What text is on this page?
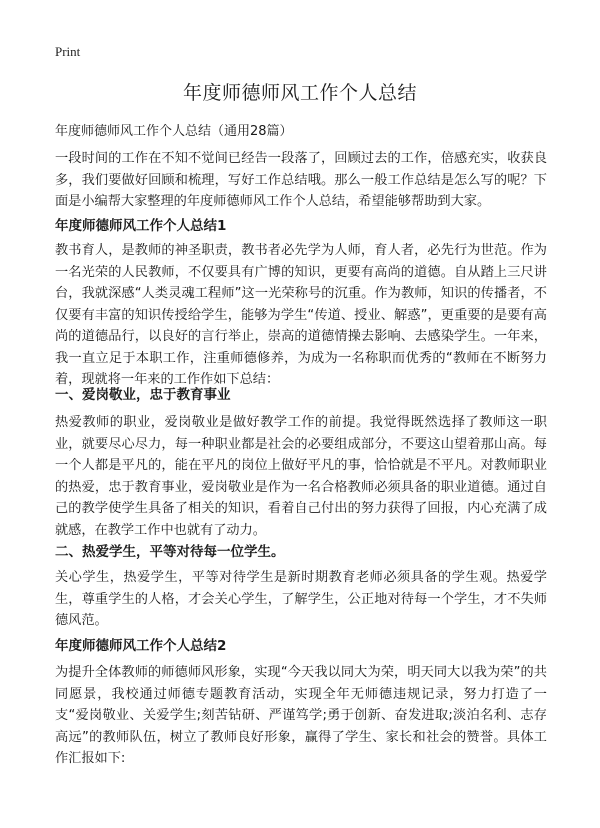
Print
年度师德师风工作个人总结

年度师德师风工作个人总结（通用28篇）

一段时间的工作在不知不觉间已经告一段落了，回顾过去的工作，倍感充实，收获良多，我们要做好回顾和梳理，写好工作总结哦。那么一般工作总结是怎么写的呢？下面是小编帮大家整理的年度师德师风工作个人总结，希望能够帮助到大家。

年度师德师风工作个人总结1

教书育人，是教师的神圣职责，教书者必先学为人师，育人者，必先行为世范。作为一名光荣的人民教师，不仅要具有广博的知识，更要有高尚的道德。自从踏上三尺讲台，我就深感“人类灵魂工程师”这一光荣称号的沉重。作为教师，知识的传播者，不仅要有丰富的知识传授给学生，能够为学生“传道、授业、解惑”，更重要的是要有高尚的道德品行，以良好的言行举止，崇高的道德情操去影响、去感染学生。一年来，我一直立足于本职工作，注重师德修养，为成为一名称职而优秀的“教师在不断努力着，现就将一年来的工作作如下总结：

一、爱岗敬业，忠于教育事业

热爱教师的职业，爱岗敬业是做好教学工作的前提。我觉得既然选择了教师这一职业，就要尽心尽力，每一种职业都是社会的必要组成部分，不要这山望着那山高。每一个人都是平凡的，能在平凡的岗位上做好平凡的事，恰恰就是不平凡。对教师职业的热爱，忠于教育事业，爱岗敬业是作为一名合格教师必须具备的职业道德。通过自己的教学使学生具备了相关的知识，看着自己付出的努力获得了回报，内心充满了成就感，在教学工作中也就有了动力。

二、热爱学生，平等对待每一位学生。

关心学生，热爱学生，平等对待学生是新时期教育老师必须具备的学生观。热爱学生，尊重学生的人格，才会关心学生，了解学生，公正地对待每一个学生，才不失师德风范。

年度师德师风工作个人总结2

为提升全体教师的师德师风形象，实现“今天我以同大为荣，明天同大以我为荣”的共同愿景，我校通过师德专题教育活动，实现全年无师德违规记录，努力打造了一支“爱岗敬业、关爱学生;刻苦钻研、严谨笃学;勇于创新、奋发进取;淡泊名利、志存高远”的教师队伍，树立了教师良好形象，赢得了学生、家长和社会的赞誉。具体工作汇报如下:
